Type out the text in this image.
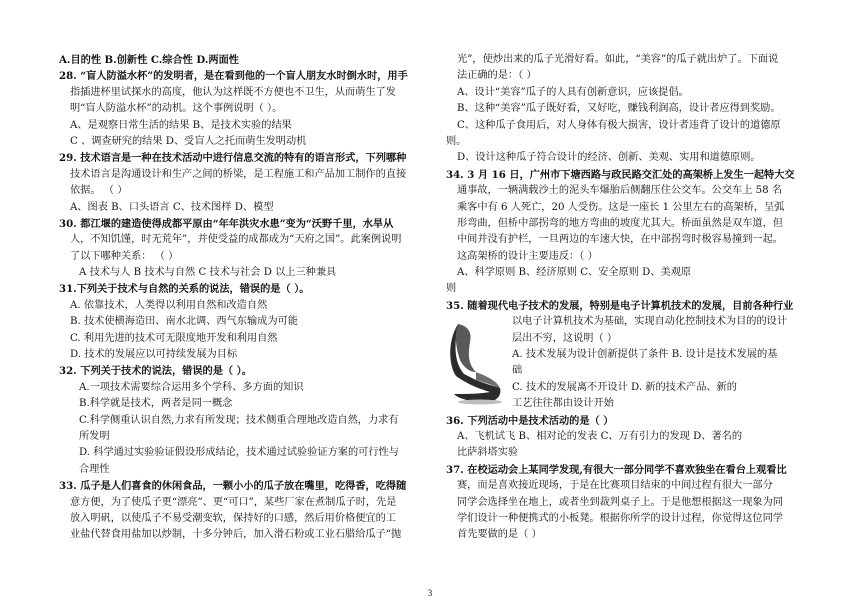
A.目的性 B.创新性 C.综合性 D.两面性
28. “盲人防溢水杯”的发明者，是在看到他的一个盲人朋友水时倒水时，用手
指插进杯里试探水的高度，他认为这样既不方便也不卫生，从而萌生了发
明“盲人防溢水杯”的动机。这个事例说明（ ）。
A、是观察日常生活的结果 B、是技术实验的结果
C 、调查研究的结果 D、受盲人之托而萌生发明动机
29. 技术语言是一种在技术活动中进行信息交流的特有的语言形式，下列哪种
技术语言是沟通设计和生产之间的桥梁，是工程施工和产品加工制作的直接
依据。 （ ）
A、图表 B、口头语言 C、技术图样 D、模型
30. 都江堰的建造使得成都平原由“年年洪灾水患”变为“沃野千里，水旱从
人，不知饥馑，时无荒年”，并使受益的成都成为“天府之国”。此案例说明
了以下哪种关系： （ ）
A 技术与人 B 技术与自然 C 技术与社会 D 以上三种兼具
31.下列关于技术与自然的关系的说法，错误的是（ ）。
A. 依靠技术，人类得以利用自然和改造自然
B. 技术使横海造田、南水北调、西气东输成为可能
C. 利用先进的技术可无限度地开发和利用自然
D. 技术的发展应以可持续发展为目标
32. 下列关于技术的说法，错误的是（ ）。
A.一项技术需要综合运用多个学科、多方面的知识
B.科学就是技术，两者是同一概念
C.科学侧重认识自然,力求有所发现；技术侧重合理地改造自然，力求有
所发明
D. 科学通过实验验证假设形成结论，技术通过试验验证方案的可行性与
合理性
33. 瓜子是人们喜食的休闲食品，一颗小小的瓜子放在嘴里，吃得香，吃得随
意方便，为了使瓜子更“漂亮”、更“可口”，某些厂家在煮制瓜子时，先是
放入明矾，以使瓜子不易受潮变软，保持好的口感，然后用价格便宜的工
业盐代替食用盐加以炒制，十多分钟后，加入滑石粉或工业石腊给瓜子“抛
光”，使炒出来的瓜子光滑好看。如此，“美容”的瓜子就出炉了。下面说
法正确的是：（ ）
A、设计“美容”瓜子的人具有创新意识，应该提倡。
B、这种“美容”瓜子既好看，又好吃，赚钱利润高，设计者应得到奖励。
C、这种瓜子食用后，对人身体有极大损害，设计者违背了设计的道德原
则。
D、设计这种瓜子符合设计的经济、创新、美观、实用和道德原则。
34. 3 月 16 日，广州市下塘西路与政民路交汇处的高架桥上发生一起特大交
通事故，一辆满载沙土的泥头车爆胎后侧翻压住公交车。公交车上 58 名
乘客中有 6 人死亡，20 人受伤。这是一座长 1 公里左右的高架桥，呈弧
形弯曲，但桥中部拐弯的地方弯曲的坡度尤其大。桥面虽然是双车道，但
中间并没有护栏，一旦两边的车速大快，在中部拐弯时极容易撞到一起。
这高架桥的设计主要违反：（ ）
A、科学原则 B、经济原则 C、安全原则 D、美观原
则
35. 随着现代电子技术的发展，特别是电子计算机技术的发展，目前各种行业
以电子计算机技术为基础，实现自动化控制技术为目的的设计
层出不穷，这说明（ ）
A. 技术发展为设计创新提供了条件 B. 设计是技术发展的基
础
C. 技术的发展离不开设计 D. 新的技术产品、新的
工艺往往都由设计开始
36. 下列活动中是技术活动的是（ ）
A、飞机试飞 B、相对论的发表 C、万有引力的发现 D、著名的
比萨斜塔实验
37. 在校运动会上某同学发现,有很大一部分同学不喜欢独坐在看台上观看比
赛，而是喜欢接近现场，于是在比赛项目结束的中间过程有很大一部分
同学会选择坐在地上，或者坐到裁判桌子上。于是他想根据这一现象为同
学们设计一种便携式的小板凳。根据你所学的设计过程，你觉得这位同学
首先要做的是（ ）
3
